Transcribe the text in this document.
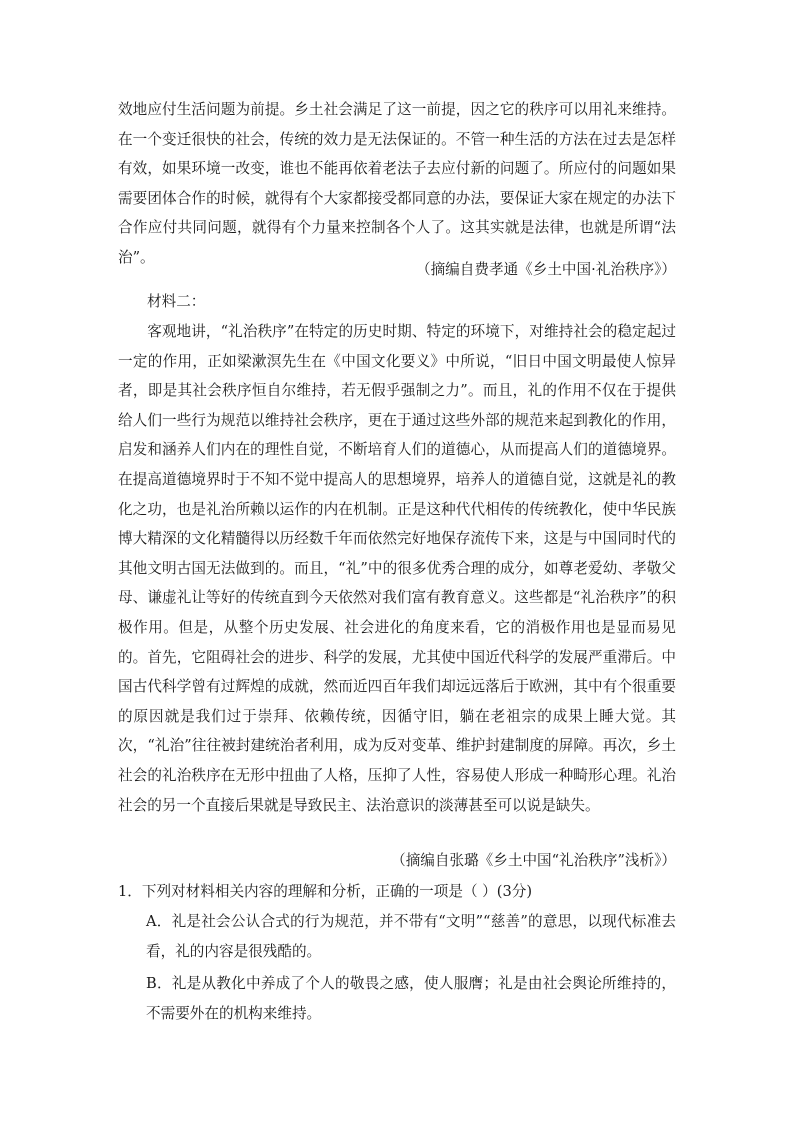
效地应付生活问题为前提。乡土社会满足了这一前提，因之它的秩序可以用礼来维持。在一个变迁很快的社会，传统的效力是无法保证的。不管一种生活的方法在过去是怎样有效，如果环境一改变，谁也不能再依着老法子去应付新的问题了。所应付的问题如果需要团体合作的时候，就得有个大家都接受都同意的办法，要保证大家在规定的办法下合作应付共同问题，就得有个力量来控制各个人了。这其实就是法律，也就是所谓“法治”。

（摘编自费孝通《乡土中国·礼治秩序》）

材料二：

客观地讲，“礼治秩序”在特定的历史时期、特定的环境下，对维持社会的稳定起过一定的作用，正如梁漱溟先生在《中国文化要义》中所说，“旧日中国文明最使人惊异者，即是其社会秩序恒自尔维持，若无假乎强制之力”。而且，礼的作用不仅在于提供给人们一些行为规范以维持社会秩序，更在于通过这些外部的规范来起到教化的作用，启发和涵养人们内在的理性自觉，不断培育人们的道德心，从而提高人们的道德境界。在提高道德境界时于不知不觉中提高人的思想境界，培养人的道德自觉，这就是礼的教化之功，也是礼治所赖以运作的内在机制。正是这种代代相传的传统教化，使中华民族博大精深的文化精髓得以历经数千年而依然完好地保存流传下来，这是与中国同时代的其他文明古国无法做到的。而且，“礼”中的很多优秀合理的成分，如尊老爱幼、孝敬父母、谦虚礼让等好的传统直到今天依然对我们富有教育意义。这些都是“礼治秩序”的积极作用。但是，从整个历史发展、社会进化的角度来看，它的消极作用也是显而易见的。首先，它阻碍社会的进步、科学的发展，尤其使中国近代科学的发展严重滞后。中国古代科学曾有过辉煌的成就，然而近四百年我们却远远落后于欧洲，其中有个很重要的原因就是我们过于崇拜、依赖传统，因循守旧，躺在老祖宗的成果上睡大觉。其次，“礼治”往往被封建统治者利用，成为反对变革、维护封建制度的屏障。再次，乡土社会的礼治秩序在无形中扭曲了人格，压抑了人性，容易使人形成一种畸形心理。礼治社会的另一个直接后果就是导致民主、法治意识的淡薄甚至可以说是缺失。

（摘编自张璐《乡土中国“礼治秩序”浅析》）

1．下列对材料相关内容的理解和分析，正确的一项是（ ）(3分)

A．礼是社会公认合式的行为规范，并不带有“文明”“慈善”的意思，以现代标准去看，礼的内容是很残酷的。

B．礼是从教化中养成了个人的敬畏之感，使人服膺；礼是由社会舆论所维持的，不需要外在的机构来维持。
